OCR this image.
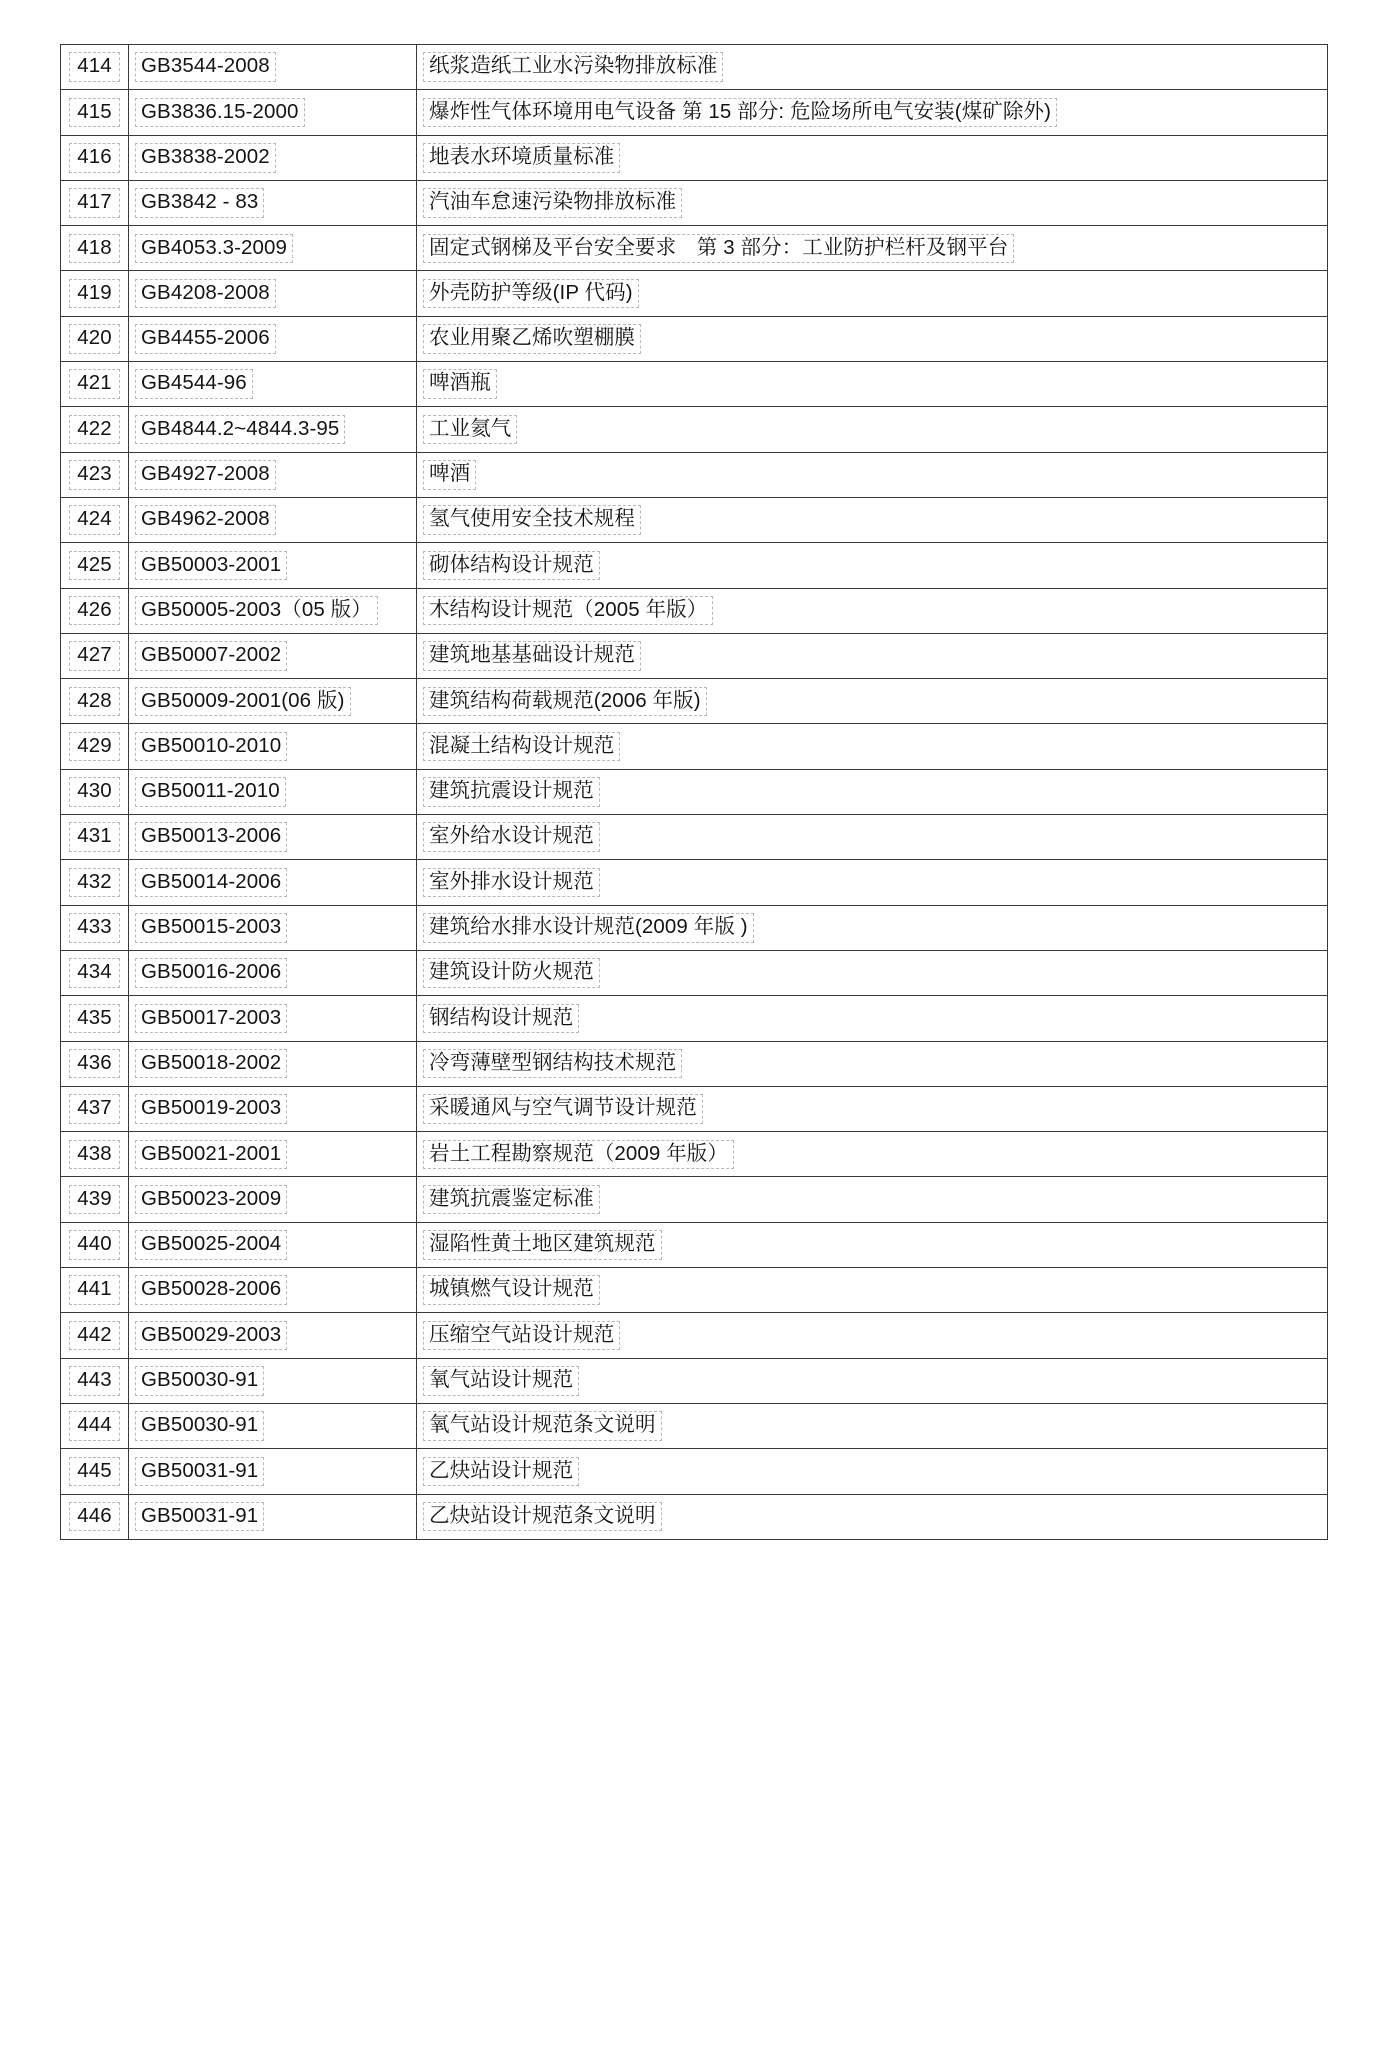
414	GB3544-2008	纸浆造纸工业水污染物排放标准

415	GB3836.15-2000	爆炸性气体环境用电气设备 第 15 部分: 危险场所电气安装(煤矿除外)

416	GB3838-2002	地表水环境质量标准

417	GB3842 - 83	汽油车怠速污染物排放标准

418	GB4053.3-2009	固定式钢梯及平台安全要求　第 3 部分：工业防护栏杆及钢平台

419	GB4208-2008	外壳防护等级(IP 代码)

420	GB4455-2006	农业用聚乙烯吹塑棚膜

421	GB4544-96	啤酒瓶

422	GB4844.2~4844.3-95	工业氦气

423	GB4927-2008	啤酒

424	GB4962-2008	氢气使用安全技术规程

425	GB50003-2001	砌体结构设计规范

426	GB50005-2003（05 版）	木结构设计规范（2005 年版）

427	GB50007-2002	建筑地基基础设计规范

428	GB50009-2001(06 版)	建筑结构荷载规范(2006 年版)

429	GB50010-2010	混凝土结构设计规范

430	GB50011-2010	建筑抗震设计规范

431	GB50013-2006	室外给水设计规范

432	GB50014-2006	室外排水设计规范

433	GB50015-2003	建筑给水排水设计规范(2009 年版 )

434	GB50016-2006	建筑设计防火规范

435	GB50017-2003	钢结构设计规范

436	GB50018-2002	冷弯薄壁型钢结构技术规范

437	GB50019-2003	采暖通风与空气调节设计规范

438	GB50021-2001	岩土工程勘察规范（2009 年版）

439	GB50023-2009	建筑抗震鉴定标准

440	GB50025-2004	湿陷性黄土地区建筑规范

441	GB50028-2006	城镇燃气设计规范

442	GB50029-2003	压缩空气站设计规范

443	GB50030-91	氧气站设计规范

444	GB50030-91	氧气站设计规范条文说明

445	GB50031-91	乙炔站设计规范

446	GB50031-91	乙炔站设计规范条文说明
